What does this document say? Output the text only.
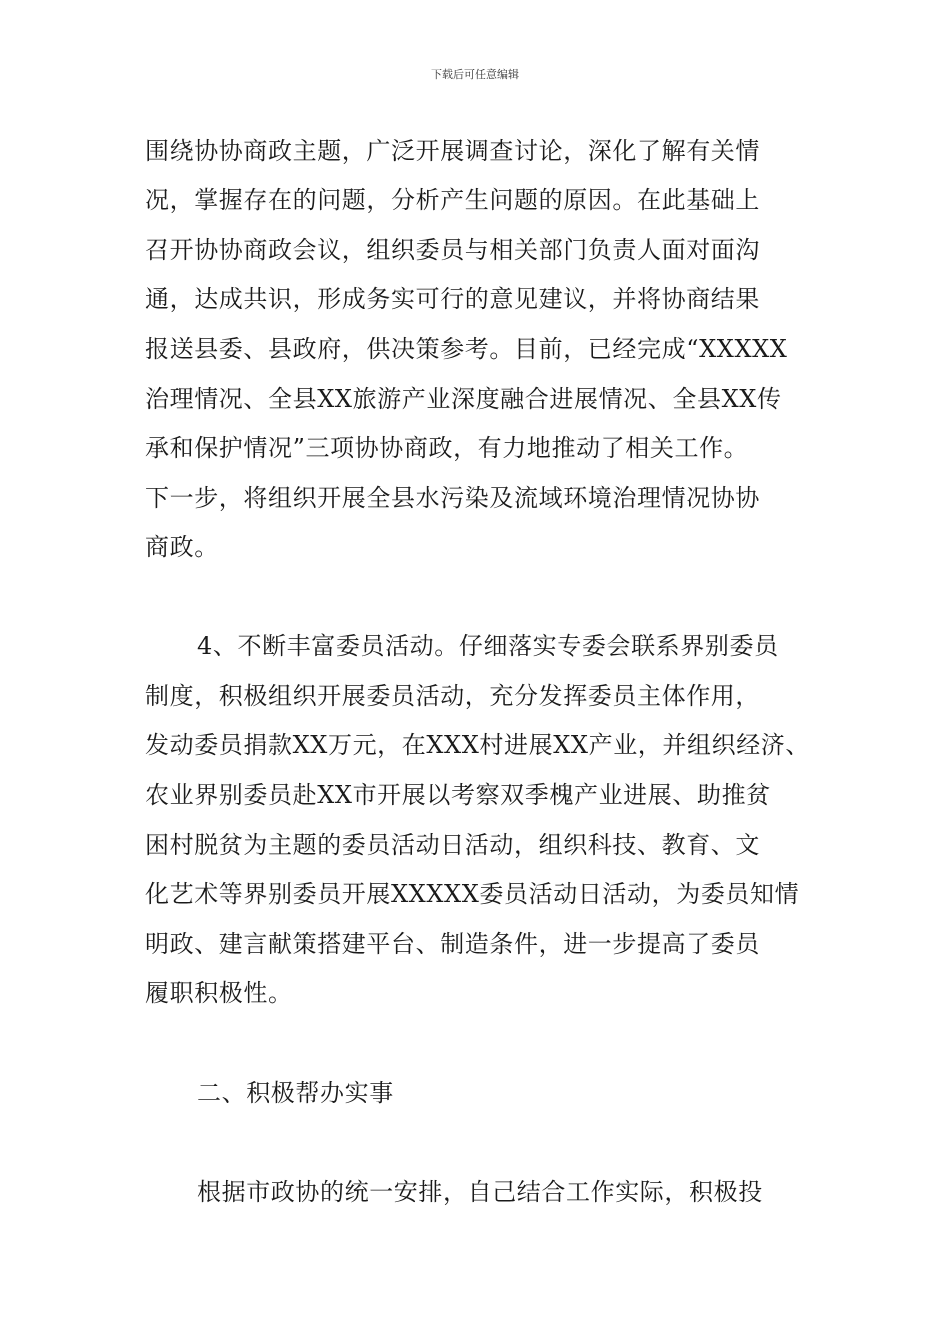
下载后可任意编辑
围绕协协商政主题，广泛开展调查讨论，深化了解有关情
况，掌握存在的问题，分析产生问题的原因。在此基础上
召开协协商政会议，组织委员与相关部门负责人面对面沟
通，达成共识，形成务实可行的意见建议，并将协商结果
报送县委、县政府，供决策参考。目前，已经完成“XXXXX
治理情况、全县XX旅游产业深度融合进展情况、全县XX传
承和保护情况”三项协协商政，有力地推动了相关工作。
下一步，将组织开展全县水污染及流域环境治理情况协协
商政。
4、不断丰富委员活动。仔细落实专委会联系界别委员
制度，积极组织开展委员活动，充分发挥委员主体作用，
发动委员捐款XX万元，在XXX村进展XX产业，并组织经济、
农业界别委员赴XX市开展以考察双季槐产业进展、助推贫
困村脱贫为主题的委员活动日活动，组织科技、教育、文
化艺术等界别委员开展XXXXX委员活动日活动，为委员知情
明政、建言献策搭建平台、制造条件，进一步提高了委员
履职积极性。
二、积极帮办实事
根据市政协的统一安排，自己结合工作实际，积极投
